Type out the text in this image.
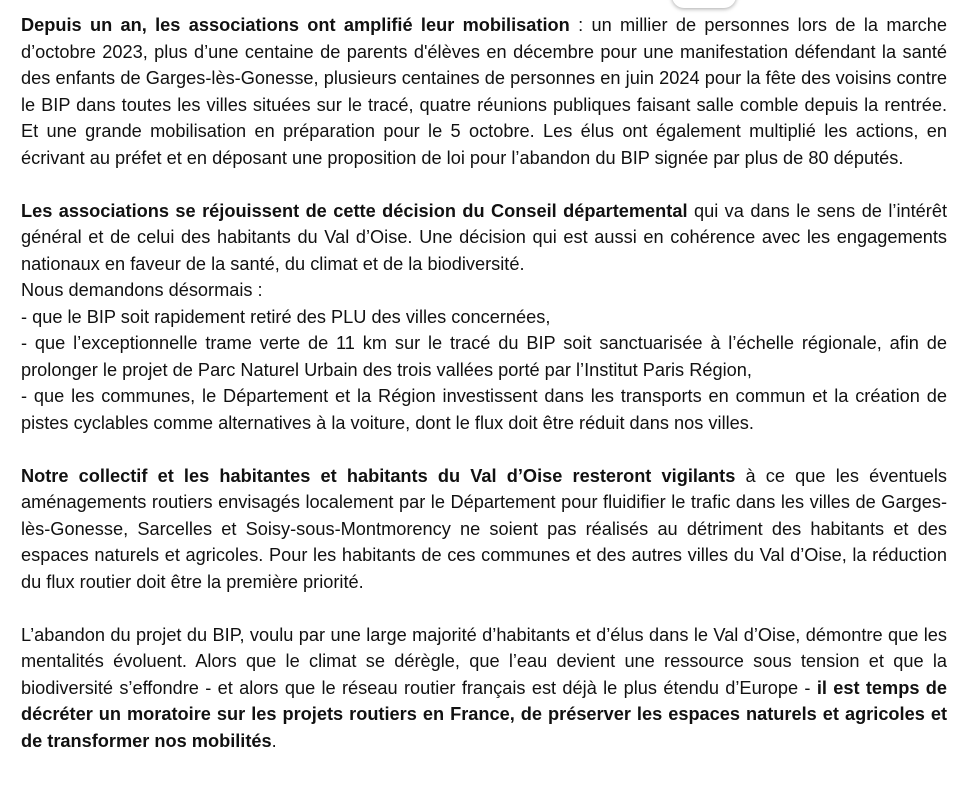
Depuis un an, les associations ont amplifié leur mobilisation : un millier de personnes lors de la marche d’octobre 2023, plus d’une centaine de parents d'élèves en décembre pour une manifestation défendant la santé des enfants de Garges-lès-Gonesse, plusieurs centaines de personnes en juin 2024 pour la fête des voisins contre le BIP dans toutes les villes situées sur le tracé, quatre réunions publiques faisant salle comble depuis la rentrée. Et une grande mobilisation en préparation pour le 5 octobre. Les élus ont également multiplié les actions, en écrivant au préfet et en déposant une proposition de loi pour l’abandon du BIP signée par plus de 80 députés.

Les associations se réjouissent de cette décision du Conseil départemental qui va dans le sens de l’intérêt général et de celui des habitants du Val d’Oise. Une décision qui est aussi en cohérence avec les engagements nationaux en faveur de la santé, du climat et de la biodiversité.

Nous demandons désormais :

- que le BIP soit rapidement retiré des PLU des villes concernées,

- que l’exceptionnelle trame verte de 11 km sur le tracé du BIP soit sanctuarisée à l’échelle régionale, afin de prolonger le projet de Parc Naturel Urbain des trois vallées porté par l’Institut Paris Région,

- que les communes, le Département et la Région investissent dans les transports en commun et la création de pistes cyclables comme alternatives à la voiture, dont le flux doit être réduit dans nos villes.

Notre collectif et les habitantes et habitants du Val d’Oise resteront vigilants à ce que les éventuels aménagements routiers envisagés localement par le Département pour fluidifier le trafic dans les villes de Garges-lès-Gonesse, Sarcelles et Soisy-sous-Montmorency ne soient pas réalisés au détriment des habitants et des espaces naturels et agricoles. Pour les habitants de ces communes et des autres villes du Val d’Oise, la réduction du flux routier doit être la première priorité.

L’abandon du projet du BIP, voulu par une large majorité d’habitants et d’élus dans le Val d’Oise, démontre que les mentalités évoluent. Alors que le climat se dérègle, que l’eau devient une ressource sous tension et que la biodiversité s’effondre - et alors que le réseau routier français est déjà le plus étendu d’Europe - il est temps de décréter un moratoire sur les projets routiers en France, de préserver les espaces naturels et agricoles et de transformer nos mobilités.
